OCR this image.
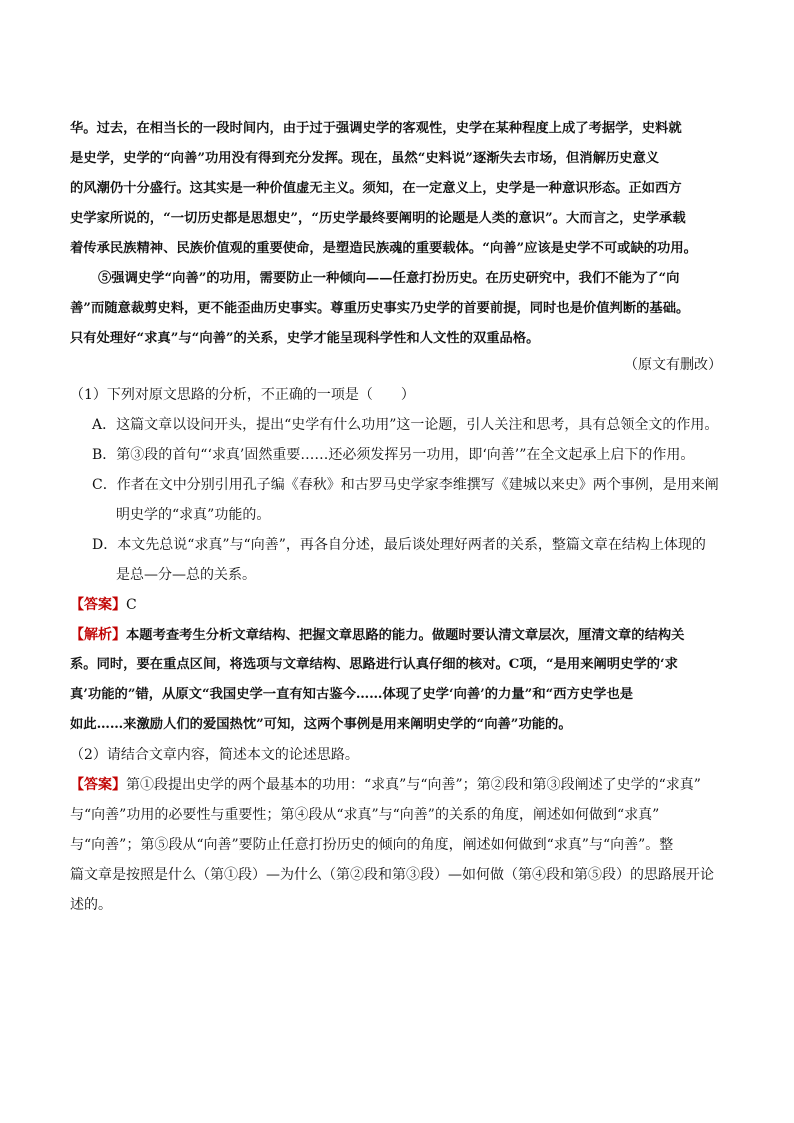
华。过去，在相当长的一段时间内，由于过于强调史学的客观性，史学在某种程度上成了考据学，史料就
是史学，史学的“向善”功用没有得到充分发挥。现在，虽然“史料说”逐渐失去市场，但消解历史意义
的风潮仍十分盛行。这其实是一种价值虚无主义。须知，在一定意义上，史学是一种意识形态。正如西方
史学家所说的，“一切历史都是思想史”，“历史学最终要阐明的论题是人类的意识”。大而言之，史学承载
着传承民族精神、民族价值观的重要使命，是塑造民族魂的重要载体。“向善”应该是史学不可或缺的功用。
⑤强调史学“向善”的功用，需要防止一种倾向——任意打扮历史。在历史研究中，我们不能为了“向
善”而随意裁剪史料，更不能歪曲历史事实。尊重历史事实乃史学的首要前提，同时也是价值判断的基础。
只有处理好“求真”与“向善”的关系，史学才能呈现科学性和人文性的双重品格。
（原文有删改）
（1）下列对原文思路的分析，不正确的一项是（　　）
A．这篇文章以设问开头，提出“史学有什么功用”这一论题，引人关注和思考，具有总领全文的作用。
B．第③段的首句“‘求真’固然重要……还必须发挥另一功用，即‘向善’”在全文起承上启下的作用。
C．作者在文中分别引用孔子编《春秋》和古罗马史学家李维撰写《建城以来史》两个事例，是用来阐
明史学的“求真”功能的。
D．本文先总说“求真”与“向善”，再各自分述，最后谈处理好两者的关系，整篇文章在结构上体现的
是总—分—总的关系。
【答案】C
【解析】本题考查考生分析文章结构、把握文章思路的能力。做题时要认清文章层次，厘清文章的结构关
系。同时，要在重点区间，将选项与文章结构、思路进行认真仔细的核对。C项，“是用来阐明史学的‘求
真’功能的”错，从原文“我国史学一直有知古鉴今……体现了史学‘向善’的力量”和“西方史学也是
如此……来激励人们的爱国热忱”可知，这两个事例是用来阐明史学的“向善”功能的。
（2）请结合文章内容，简述本文的论述思路。
【答案】第①段提出史学的两个最基本的功用：“求真”与“向善”；第②段和第③段阐述了史学的“求真”
与“向善”功用的必要性与重要性；第④段从“求真”与“向善”的关系的角度，阐述如何做到“求真”
与“向善”；第⑤段从“向善”要防止任意打扮历史的倾向的角度，阐述如何做到“求真”与“向善”。整
篇文章是按照是什么（第①段）—为什么（第②段和第③段）—如何做（第④段和第⑤段）的思路展开论
述的。
